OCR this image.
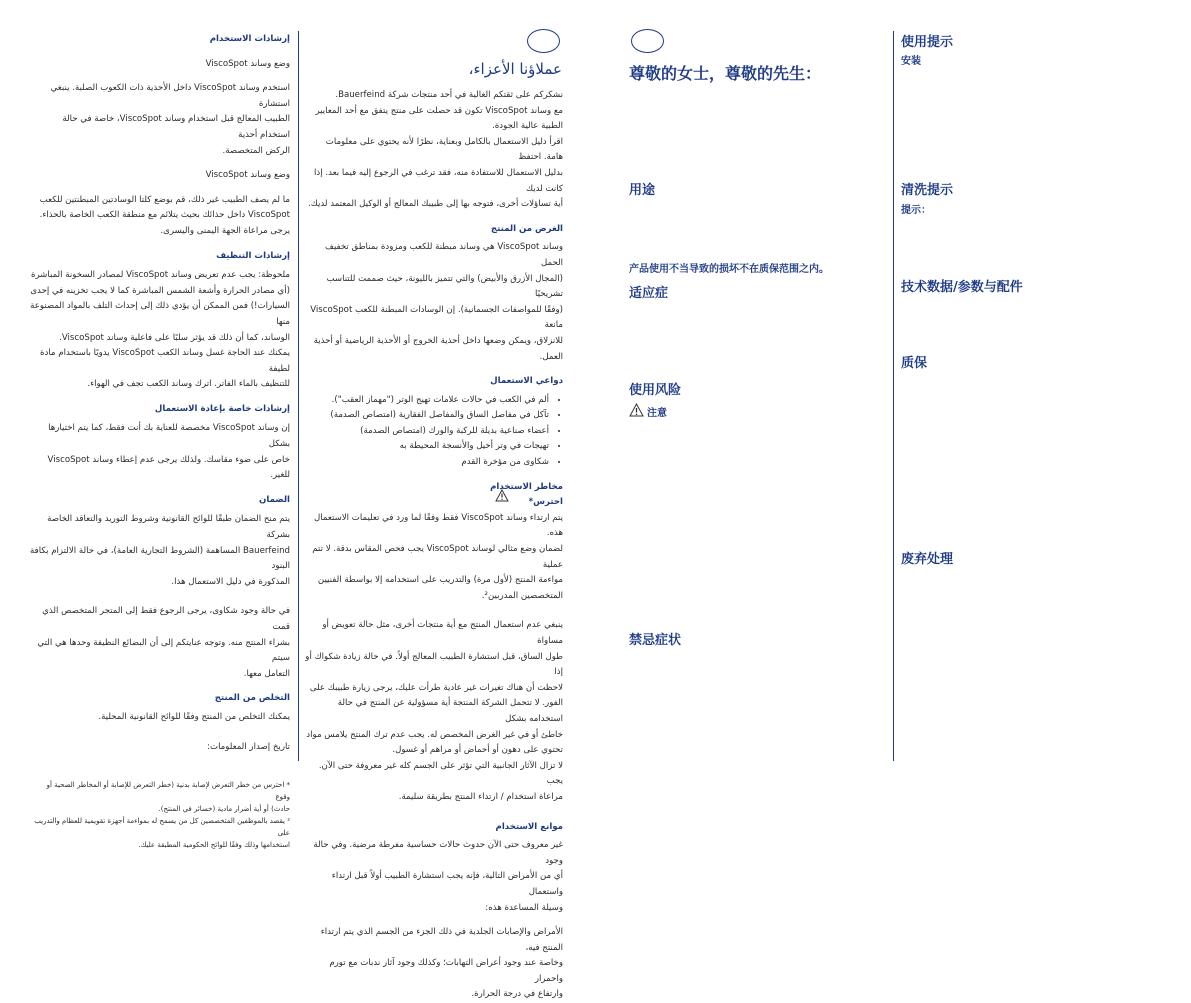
إرشادات الاستخدام

وضع وساند ViscoSpot

استخدم وساند ViscoSpot داخل الأحذية ذات الكعوب الصلبة. ينبغي استشارة

الطبيب المعالج قبل استخدام وساند ViscoSpot، خاصة في حالة استخدام أحذية

الركض المتخصصة.

وضع وساند ViscoSpot

ما لم يصف الطبيب غير ذلك، قم بوضع كلتا الوسادتين المبطنتين للكعب

ViscoSpot داخل حذائك بحيث يتلائم مع منطقة الكعب الخاصة بالحذاء.

يرجى مراعاة الجهة اليمنى واليسرى.

إرشادات التنظيف

ملحوظة: يجب عدم تعريض وساند ViscoSpot لمصادر السخونة المباشرة

(أي مصادر الحرارة وأشعة الشمس المباشرة كما لا يجب تخزينه في إحدى

السيارات!) فمن الممكن أن يؤدي ذلك إلى إحداث التلف بالمواد المصنوعة منها

الوساند، كما أن ذلك قد يؤثر سلبًا على فاعلية وساند ViscoSpot.

يمكنك عند الحاجة غسل وساند الكعب ViscoSpot يدويًا باستخدام مادة لطيفة

للتنظيف بالماء الفاتر. اترك وساند الكعب تجف في الهواء.

إرشادات خاصة بإعادة الاستعمال

إن وساند ViscoSpot مخصصة للعناية بك أنت فقط، كما يتم اختيارها بشكل

خاص على ضوء مقاسك. ولذلك يرجى عدم إعطاء وساند ViscoSpot للغير.

الضمان

يتم منح الضمان طبقًا للوائح القانونية وشروط التوريد والتعاقد الخاصة بشركة

Bauerfeind المساهمة (الشروط التجارية العامة)، في حالة الالتزام بكافة البنود

المذكورة في دليل الاستعمال هذا.

في حالة وجود شكاوى، يرجى الرجوع فقط إلى المتجر المتخصص الذي قمت

بشراء المنتج منه. وتوجه عنايتكم إلى أن البضائع النظيفة وحدها هي التي سيتم

التعامل معها.

التخلص من المنتج

يمكنك التخلص من المنتج وفقًا للوائح القانونية المحلية.

تاريخ إصدار المعلومات:

* احترس من خطر التعرض لإصابة بدنية (خطر التعرض للإصابة أو المخاطر الصحية أو وقوع

حادث) أو أية أضرار مادية (خسائر في المنتج).

² يقصد بالموظفين المتخصصين كل من يسمح له بمواءمة أجهزة تقويمية للعظام والتدريب على

استخدامها وذلك وفقًا للوائح الحكومية المطبقة عليك.

عملاؤنا الأعزاء،

نشكركم على ثقتكم الغالية في أحد منتجات شركة Bauerfeind.

مع وساند ViscoSpot تكون قد حصلت على منتج يتفق مع أحد المعايير

الطبية عالية الجودة.

اقرأ دليل الاستعمال بالكامل وبعناية، نظرًا لأنه يحتوي على معلومات هامة. احتفظ

بدليل الاستعمال للاستفادة منه، فقد ترغب في الرجوع إليه فيما بعد. إذا كانت لديك

أية تساؤلات أخرى، فتوجه بها إلى طبيبك المعالج أو الوكيل المعتمد لديك.

الغرض من المنتج

وساند ViscoSpot هي وساند مبطنة للكعب ومزودة بمناطق تخفيف الحمل

(المجال الأزرق والأبيض) والتي تتميز بالليونة، حيث صممت للتناسب تشريحيًا

(وفقًا للمواصفات الجسمانية). إن الوسادات المبطنة للكعب ViscoSpot مانعة

للانزلاق، ويمكن وضعها داخل أحذية الخروج أو الأحذية الرياضية أو أحذية

العمل.

دواعي الاستعمال
• ألم في الكعب في حالات علامات تهيج الوتر ("مهماز العقب").
• تآكل في مفاصل الساق والمفاصل الفقارية (امتصاص الصدمة)
• أعضاء صناعية بديلة للركبة والورك (امتصاص الصدمة)
• تهيجات في وتر أخيل والأنسجة المحيطة به
• شكاوى من مؤخرة القدم
مخاطر الاستخدام
احترس*

يتم ارتداء وساند ViscoSpot فقط وفقًا لما ورد في تعليمات الاستعمال هذه.

لضمان وضع مثالي لوساند ViscoSpot يجب فحص المقاس بدقة. لا تتم عملية

مواءمة المنتج (لأول مرة) والتدريب على استخدامه إلا بواسطة الفنيين

المتخصصين المدربين².

ينبغي عدم استعمال المنتج مع أية منتجات أخرى، مثل حالة تعويض أو مساواة

طول الساق، قبل استشارة الطبيب المعالج أولاً. في حالة زيادة شكواك أو إذا

لاحظت أن هناك تغيرات غير عادية طرأت عليك، يرجى زيارة طبيبك على

الفور. لا تتحمل الشركة المنتجة أية مسؤولية عن المنتج في حالة استخدامه بشكل

خاطئ أو في غير الغرض المخصص له. يجب عدم ترك المنتج يلامس مواد

تحتوي على دهون أو أحماض أو مراهم أو غسول.

لا تزال الآثار الجانبية التي تؤثر على الجسم كله غير معروفة حتى الآن. يجب

مراعاة استخدام / ارتداء المنتج بطريقة سليمة.

موانع الاستخدام

غير معروف حتى الآن حدوث حالات حساسية مفرطة مرضية. وفي حالة وجود

أي من الأمراض التالية، فإنه يجب استشارة الطبيب أولاً قبل ارتداء واستعمال

وسيلة المساعدة هذه:

الأمراض والإصابات الجلدية في ذلك الجزء من الجسم الذي يتم ارتداء المنتج فيه،

وخاصة عند وجود أعراض التهابات؛ وكذلك وجود آثار ندبات مع تورم واحمرار

وارتفاع في درجة الحرارة.

尊敬的女士，尊敬的先生：
用途
产品使用不当导致的损坏不在质保范围之内。
适应症
使用风险
注意
禁忌症状
使用提示
安装
清洗提示
提示：
技术数据/参数与配件
质保
废弃处理
